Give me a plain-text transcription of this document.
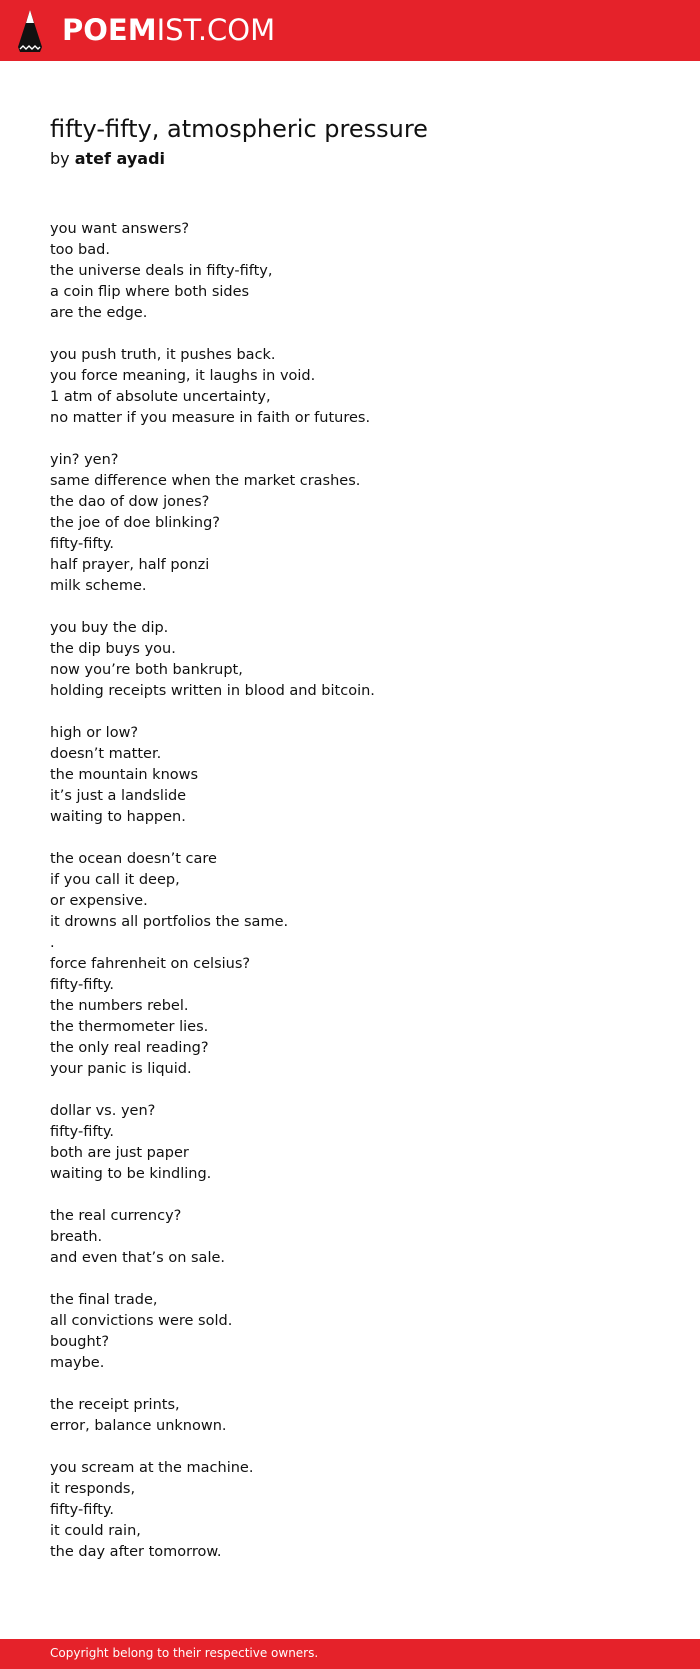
POEMIST.COM
fifty-fifty, atmospheric pressure
by atef ayadi
you want answers?
too bad.
the universe deals in fifty-fifty,
a coin flip where both sides
are the edge.
you push truth, it pushes back.
you force meaning, it laughs in void.
1 atm of absolute uncertainty,
no matter if you measure in faith or futures.
yin? yen?
same difference when the market crashes.
the dao of dow jones?
the joe of doe blinking?
fifty-fifty.
half prayer, half ponzi
milk scheme.
you buy the dip.
the dip buys you.
now you’re both bankrupt,
holding receipts written in blood and bitcoin.
high or low?
doesn’t matter.
the mountain knows
it’s just a landslide
waiting to happen.
the ocean doesn’t care
if you call it deep,
or expensive.
it drowns all portfolios the same.
.
force fahrenheit on celsius?
fifty-fifty.
the numbers rebel.
the thermometer lies.
the only real reading?
your panic is liquid.
dollar vs. yen?
fifty-fifty.
both are just paper
waiting to be kindling.
the real currency?
breath.
and even that’s on sale.
the final trade,
all convictions were sold.
bought?
maybe.
the receipt prints,
error, balance unknown.
you scream at the machine.
it responds,
fifty-fifty.
it could rain,
the day after tomorrow.
Copyright belong to their respective owners.
